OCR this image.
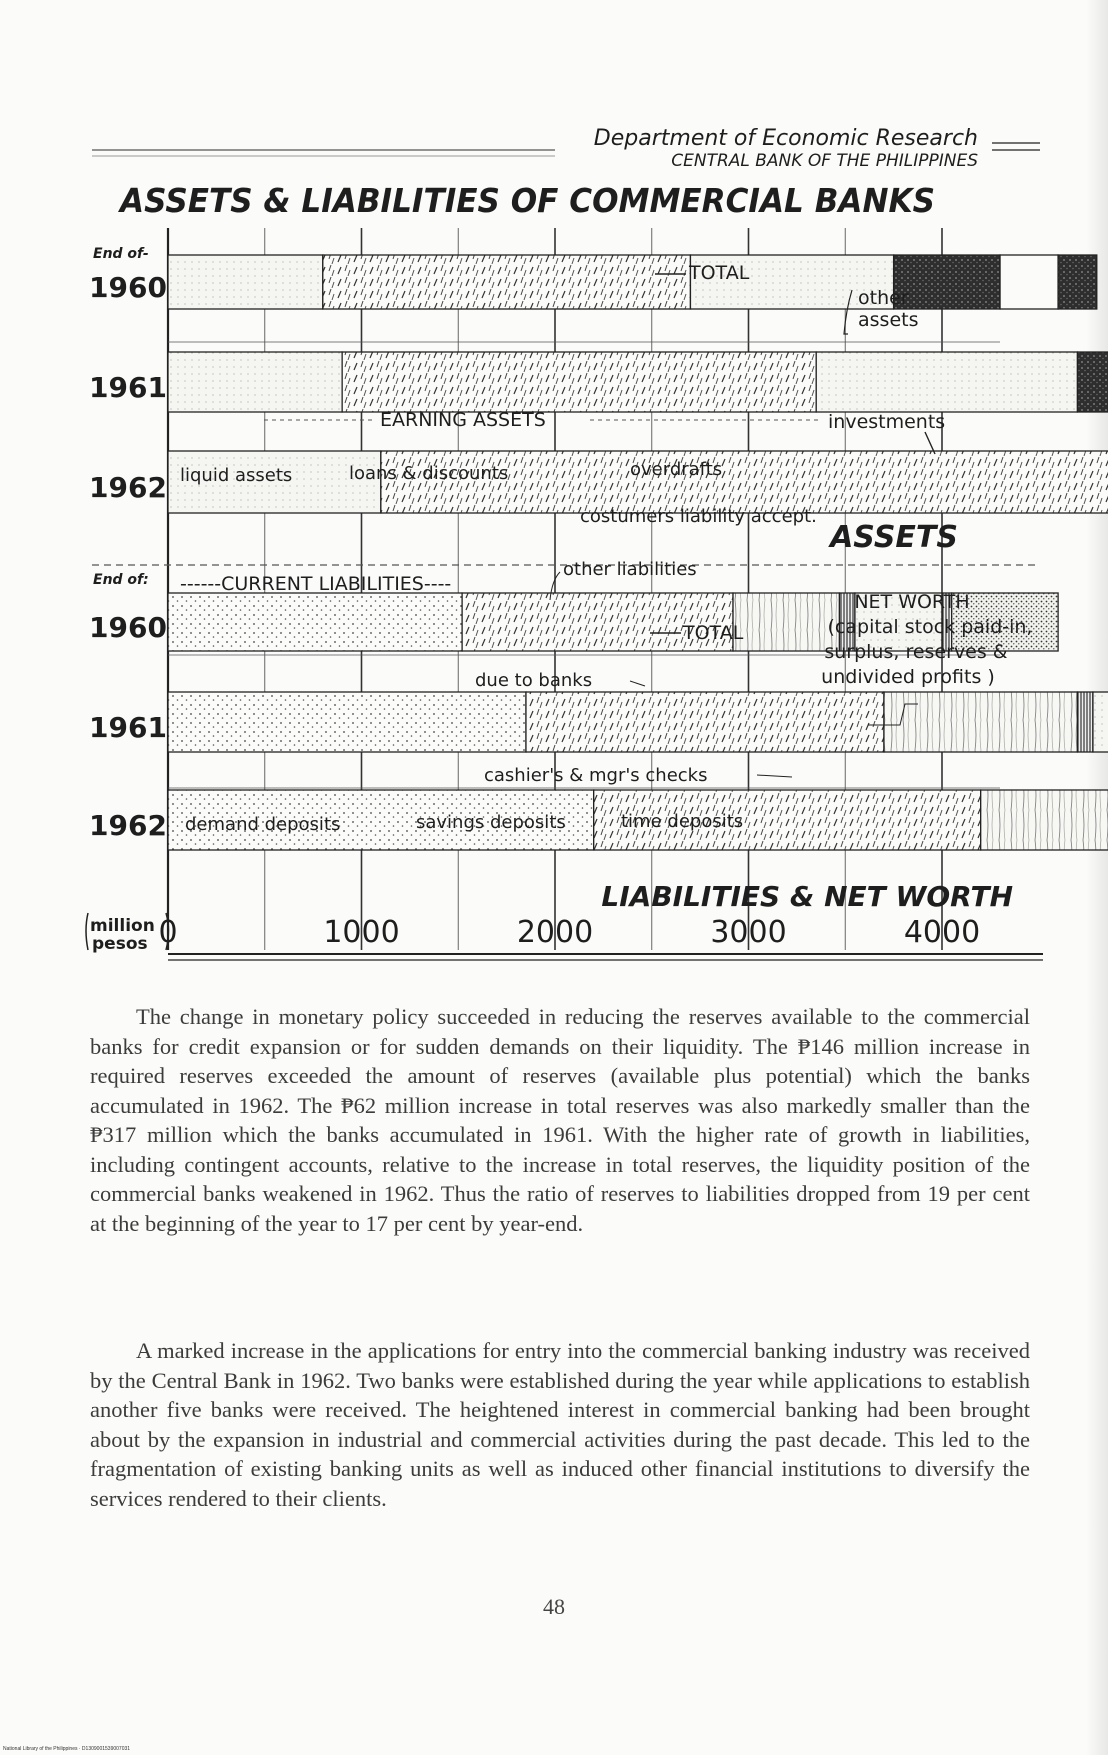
Department of Economic Research
CENTRAL BANK OF THE PHILIPPINES
ASSETS & LIABILITIES OF COMMERCIAL BANKS
End of-
End of:
1960
1961
1962
1960
1961
1962
0	1000	2000	3000	4000
million
pesos
ASSETS
LIABILITIES & NET WORTH
TOTAL
other
assets
investments
EARNING ASSETS
liquid assets	loans & discounts	overdrafts
costumers liability accept.
------CURRENT LIABILITIES----
other liabilities
TOTAL
due to banks
cashier's & mgr's checks
NET WORTH
(capital stock paid-in,
surplus, reserves &
undivided profits )
demand deposits	savings deposits	time deposits

The change in monetary policy succeeded in reducing the reserves available to the commercial banks for credit expansion or for sudden demands on their liquidity. The ₱146 million increase in required reserves exceeded the amount of reserves (available plus potential) which the banks accumulated in 1962. The ₱62 million increase in total reserves was also markedly smaller than the ₱317 million which the banks accumulated in 1961. With the higher rate of growth in liabilities, including contingent accounts, relative to the increase in total reserves, the liquidity position of the commercial banks weakened in 1962. Thus the ratio of reserves to liabilities dropped from 19 per cent at the beginning of the year to 17 per cent by year-end.

A marked increase in the applications for entry into the commercial banking industry was received by the Central Bank in 1962. Two banks were established during the year while applications to establish another five banks were received. The heightened interest in commercial banking had been brought about by the expansion in industrial and commercial activities during the past decade. This led to the fragmentation of existing banking units as well as induced other financial institutions to diversify the services rendered to their clients.

48
National Library of the Philippines · D1309001539007031
